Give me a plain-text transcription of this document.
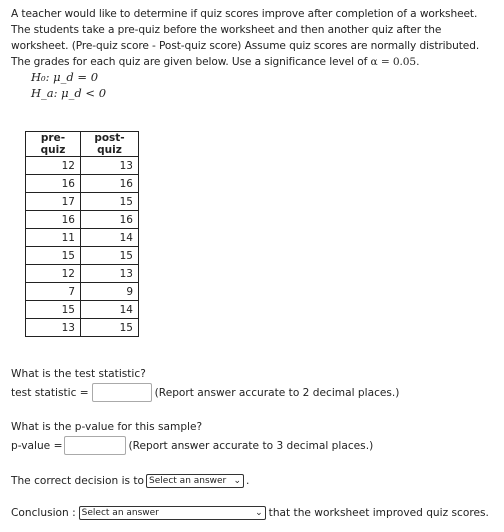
A teacher would like to determine if quiz scores improve after completion of a worksheet. The students take a pre-quiz before the worksheet and then another quiz after the worksheet. (Pre-quiz score - Post-quiz score) Assume quiz scores are normally distributed. The grades for each quiz are given below. Use a significance level of α = 0.05.
H₀: μ_d = 0
H_a: μ_d < 0
pre-quiz	post-quiz
12	13
16	16
17	15
16	16
11	14
15	15
12	13
7	9
15	14
13	15
What is the test statistic?
test statistic =	(Report answer accurate to 2 decimal places.)
What is the p-value for this sample?
p-value =	(Report answer accurate to 3 decimal places.)
The correct decision is to Select an answer ⌄ .
Conclusion : Select an answer	⌄ that the worksheet improved quiz scores.
